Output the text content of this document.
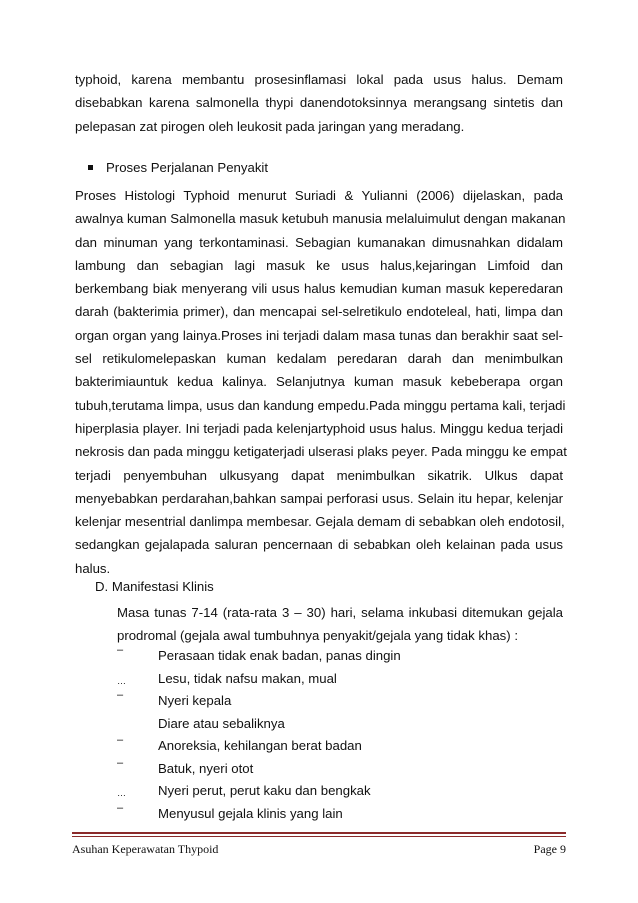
typhoid, karena membantu prosesinflamasi lokal pada usus halus. Demam
disebabkan karena salmonella thypi danendotoksinnya merangsang sintetis dan
pelepasan zat pirogen oleh leukosit pada jaringan yang meradang.
Proses Perjalanan Penyakit
Proses Histologi Typhoid menurut Suriadi & Yulianni (2006) dijelaskan, pada
awalnya kuman Salmonella masuk ketubuh manusia melaluimulut dengan makanan
dan minuman yang terkontaminasi. Sebagian kumanakan dimusnahkan didalam
lambung dan sebagian lagi masuk ke usus halus,kejaringan Limfoid dan
berkembang biak menyerang vili usus halus kemudian kuman masuk keperedaran
darah (bakterimia primer), dan mencapai sel-selretikulo endoteleal, hati, limpa dan
organ organ yang lainya.Proses ini terjadi dalam masa tunas dan berakhir saat sel-
sel retikulomelepaskan kuman kedalam peredaran darah dan menimbulkan
bakterimiauntuk kedua kalinya. Selanjutnya kuman masuk kebeberapa organ
tubuh,terutama limpa, usus dan kandung empedu.Pada minggu pertama kali, terjadi
hiperplasia player. Ini terjadi pada kelenjartyphoid usus halus. Minggu kedua terjadi
nekrosis dan pada minggu ketigaterjadi ulserasi plaks peyer. Pada minggu ke empat
terjadi penyembuhan ulkusyang dapat menimbulkan sikatrik. Ulkus dapat
menyebabkan perdarahan,bahkan sampai perforasi usus. Selain itu hepar, kelenjar
kelenjar mesentrial danlimpa membesar. Gejala demam di sebabkan oleh endotosil,
sedangkan gejalapada saluran pencernaan di sebabkan oleh kelainan pada usus
halus.
D. Manifestasi Klinis
Masa tunas 7-14 (rata-rata 3 – 30) hari, selama inkubasi ditemukan gejala
prodromal (gejala awal tumbuhnya penyakit/gejala yang tidak khas) :
–	Perasaan tidak enak badan, panas dingin
… Lesu, tidak nafsu makan, mual
–	Nyeri kepala
Diare atau sebaliknya
–	Anoreksia, kehilangan berat badan
–	Batuk, nyeri otot
… Nyeri perut, perut kaku dan bengkak
–	Menyusul gejala klinis yang lain
Asuhan Keperawatan Thypoid	Page 9
